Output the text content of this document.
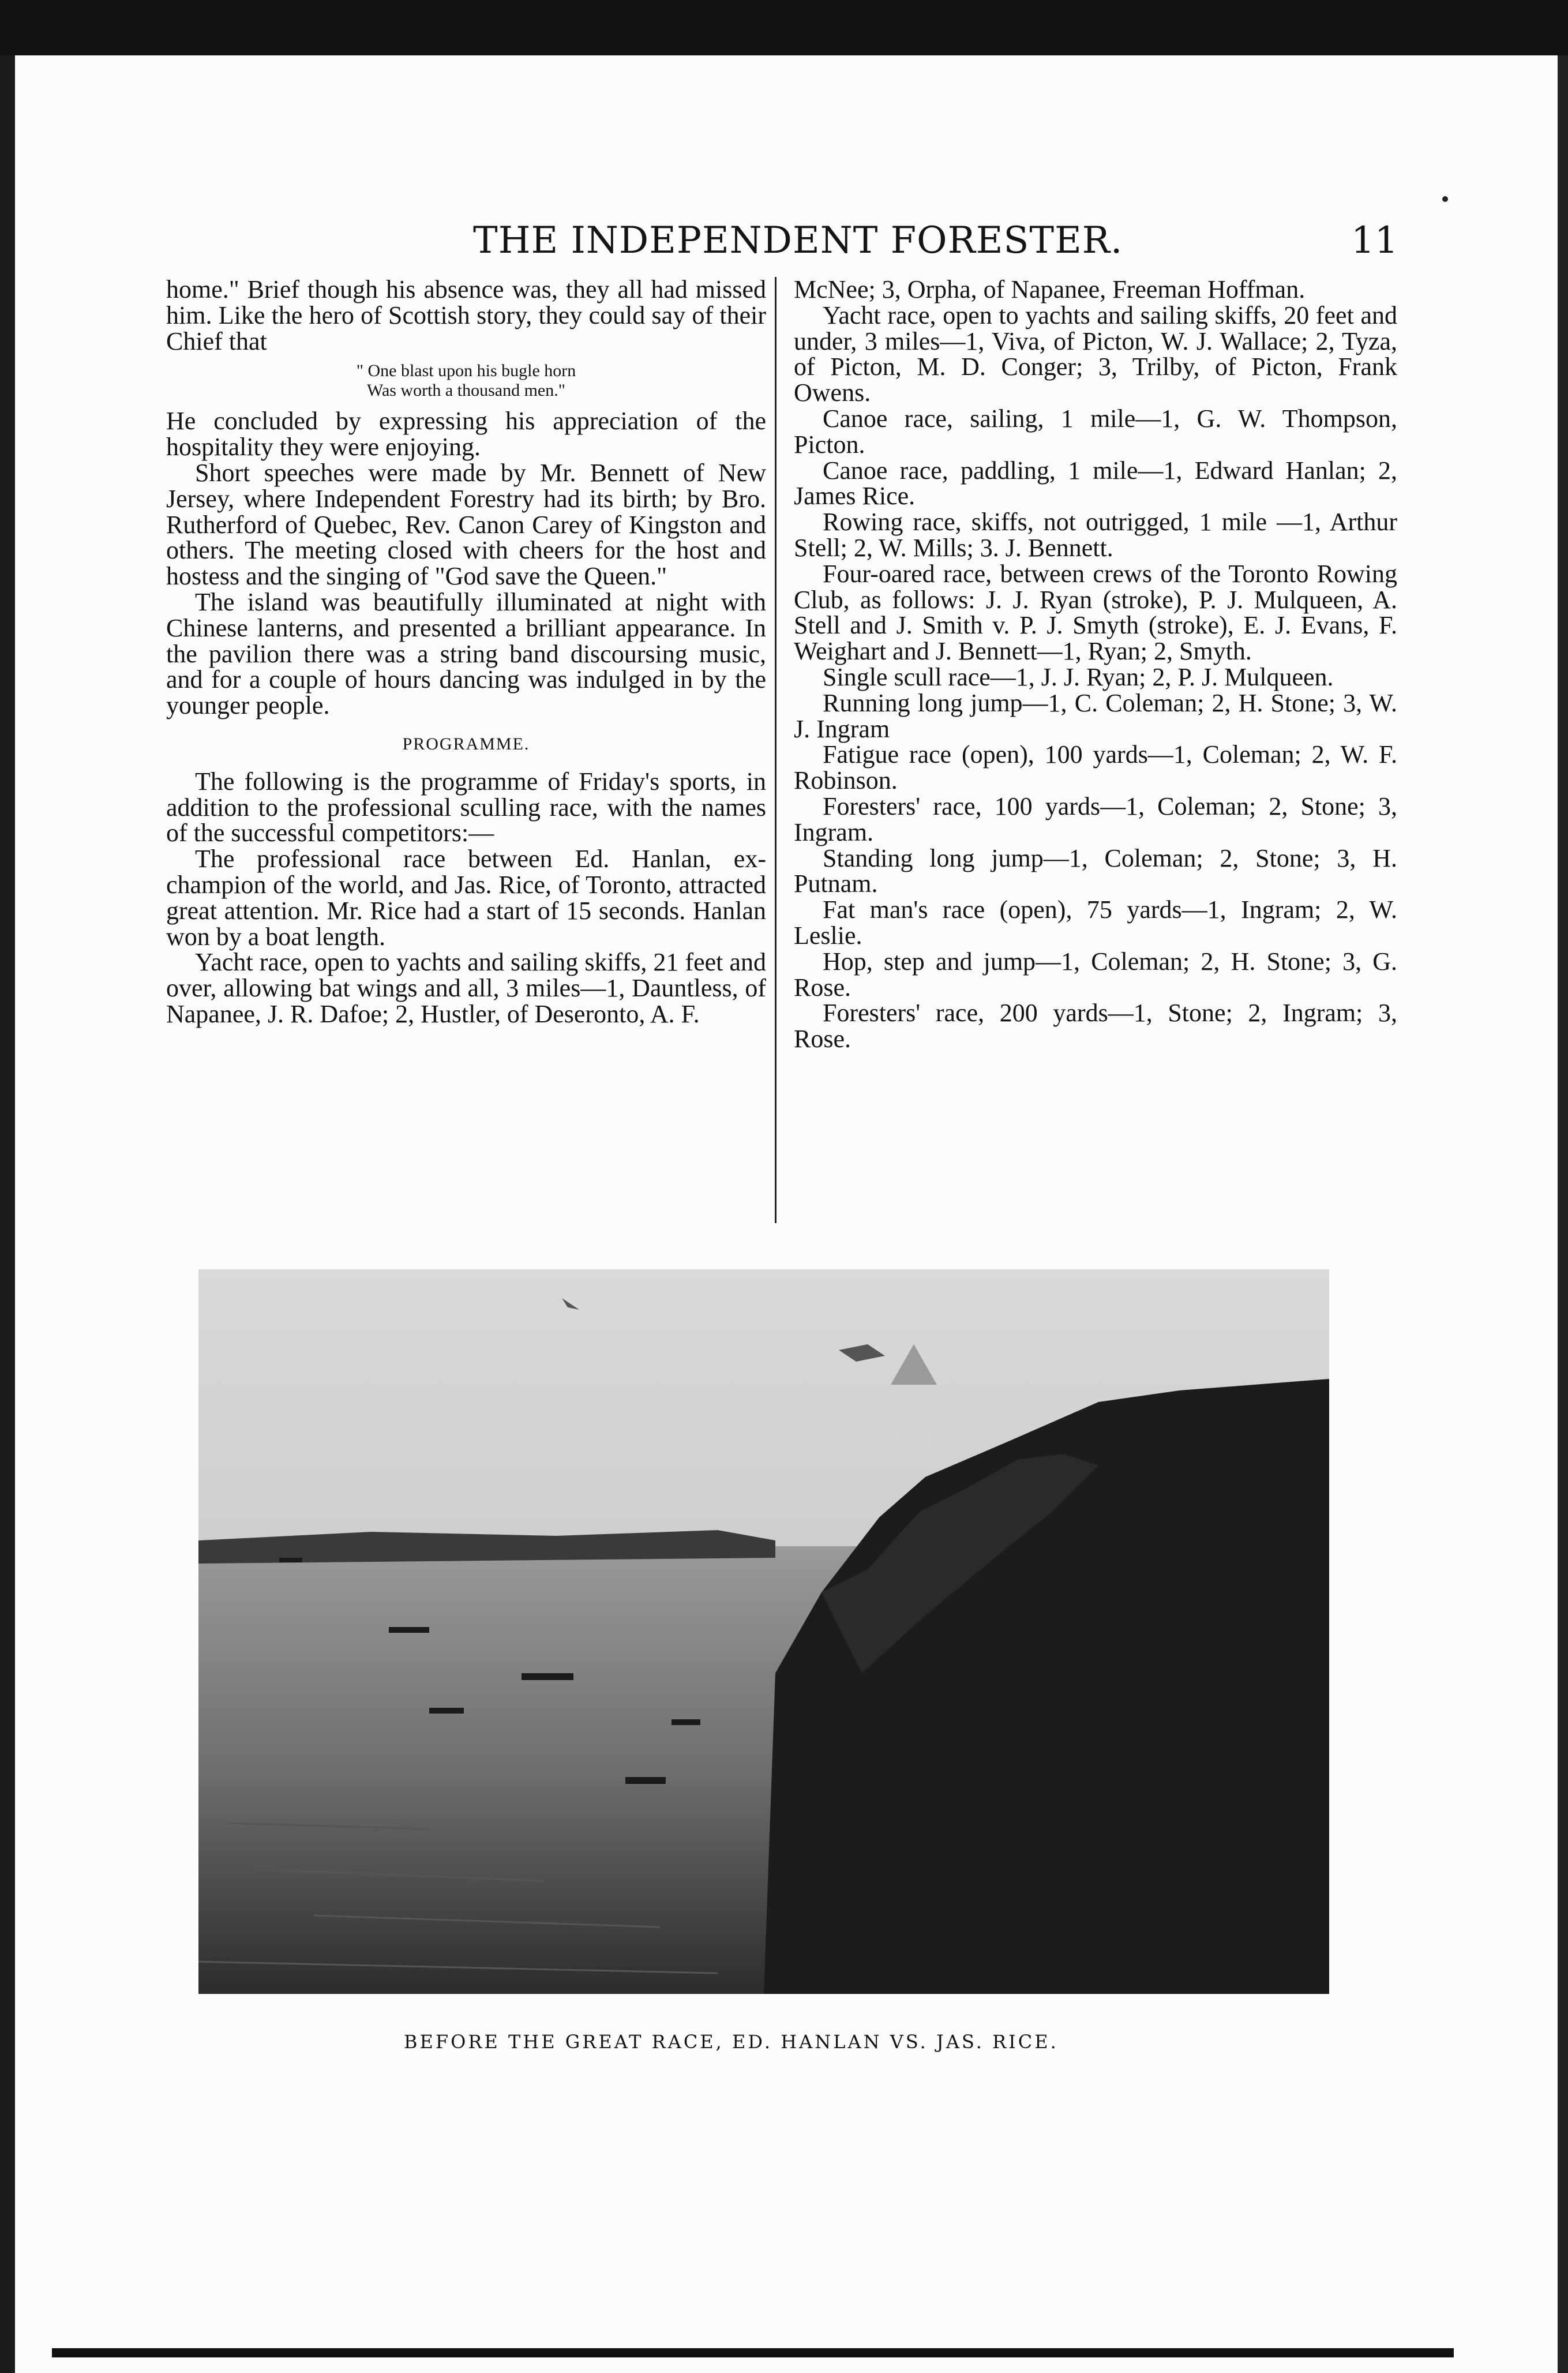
THE INDEPENDENT FORESTER.	11

home." Brief though his absence was, they all had missed him. Like the hero of Scottish story, they could say of their Chief that

" One blast upon his bugle horn
Was worth a thousand men."

He concluded by expressing his appreciation of the hospitality they were enjoying.

Short speeches were made by Mr. Bennett of New Jersey, where Independent Forestry had its birth; by Bro. Rutherford of Quebec, Rev. Canon Carey of Kingston and others. The meeting closed with cheers for the host and hostess and the singing of "God save the Queen."

The island was beautifully illuminated at night with Chinese lanterns, and presented a brilliant appearance. In the pavilion there was a string band discoursing music, and for a couple of hours dancing was indulged in by the younger people.

PROGRAMME.

The following is the programme of Friday's sports, in addition to the professional sculling race, with the names of the successful competitors:—

The professional race between Ed. Hanlan, ex-champion of the world, and Jas. Rice, of Toronto, attracted great attention. Mr. Rice had a start of 15 seconds. Hanlan won by a boat length.

Yacht race, open to yachts and sailing skiffs, 21 feet and over, allowing bat wings and all, 3 miles—1, Dauntless, of Napanee, J. R. Dafoe; 2, Hustler, of Deseronto, A. F.

McNee; 3, Orpha, of Napanee, Freeman Hoffman.

Yacht race, open to yachts and sailing skiffs, 20 feet and under, 3 miles—1, Viva, of Picton, W. J. Wallace; 2, Tyza, of Picton, M. D. Conger; 3, Trilby, of Picton, Frank Owens.

Canoe race, sailing, 1 mile—1, G. W. Thompson, Picton.

Canoe race, paddling, 1 mile—1, Edward Hanlan; 2, James Rice.

Rowing race, skiffs, not outrigged, 1 mile —1, Arthur Stell; 2, W. Mills; 3. J. Bennett.

Four-oared race, between crews of the Toronto Rowing Club, as follows: J. J. Ryan (stroke), P. J. Mulqueen, A. Stell and J. Smith v. P. J. Smyth (stroke), E. J. Evans, F. Weighart and J. Bennett—1, Ryan; 2, Smyth.

Single scull race—1, J. J. Ryan; 2, P. J. Mulqueen.

Running long jump—1, C. Coleman; 2, H. Stone; 3, W. J. Ingram

Fatigue race (open), 100 yards—1, Coleman; 2, W. F. Robinson.

Foresters' race, 100 yards—1, Coleman; 2, Stone; 3, Ingram.

Standing long jump—1, Coleman; 2, Stone; 3, H. Putnam.

Fat man's race (open), 75 yards—1, Ingram; 2, W. Leslie.

Hop, step and jump—1, Coleman; 2, H. Stone; 3, G. Rose.

Foresters' race, 200 yards—1, Stone; 2, Ingram; 3, Rose.

BEFORE THE GREAT RACE, ED. HANLAN VS. JAS. RICE.
